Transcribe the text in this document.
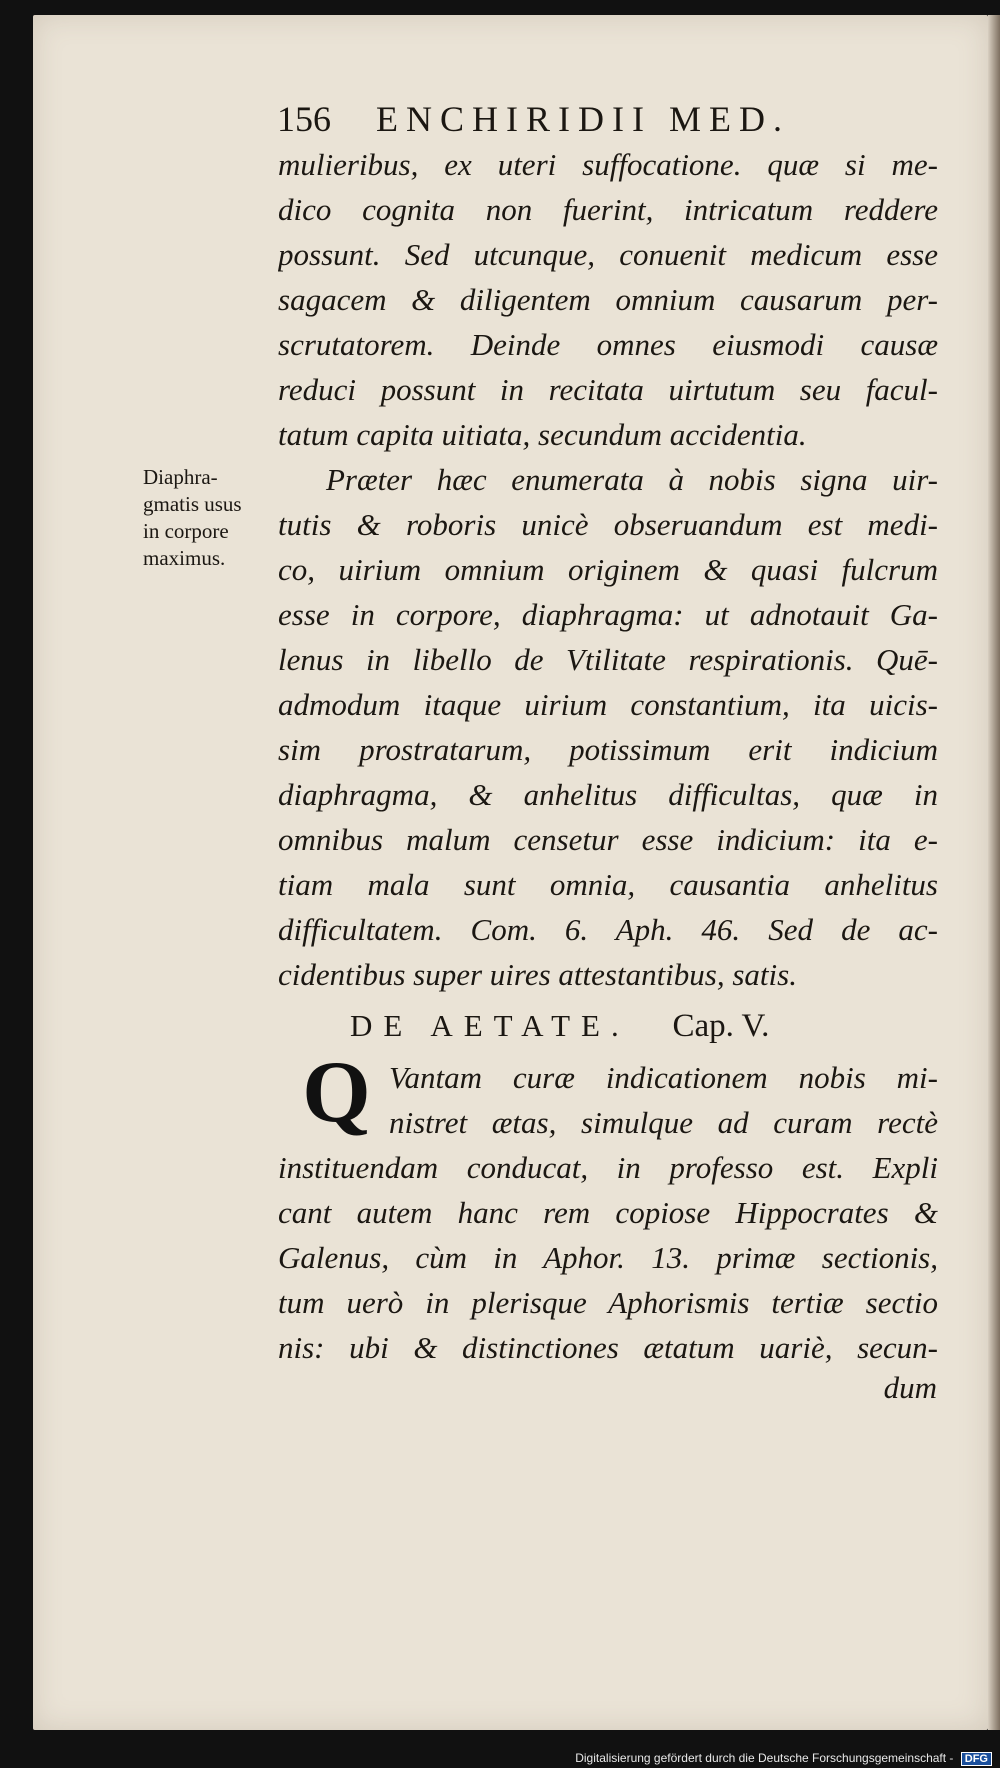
156 ENCHIRIDII MED.
Diaphra-
gmatis usus
in corpore
maximus.
mulieribus, ex uteri suffocatione. quæ si me-
dico cognita non fuerint, intricatum reddere
possunt. Sed utcunque, conuenit medicum esse
sagacem & diligentem omnium causarum per-
scrutatorem. Deinde omnes eiusmodi causæ
reduci possunt in recitata uirtutum seu facul-
tatum capita uitiata, secundum accidentia.
Præter hæc enumerata à nobis signa uir-
tutis & roboris unicè obseruandum est medi-
co, uirium omnium originem & quasi fulcrum
esse in corpore, diaphragma: ut adnotauit Ga-
lenus in libello de Vtilitate respirationis. Quē-
admodum itaque uirium constantium, ita uicis-
sim prostratarum, potissimum erit indicium
diaphragma, & anhelitus difficultas, quæ in
omnibus malum censetur esse indicium: ita e-
tiam mala sunt omnia, causantia anhelitus
difficultatem. Com. 6. Aph. 46. Sed de ac-
cidentibus super uires attestantibus, satis.
DE AETATE. Cap. V.
Q Vantam curæ indicationem nobis mi-
nistret ætas, simulque ad curam rectè
instituendam conducat, in professo est. Expli
cant autem hanc rem copiose Hippocrates &
Galenus, cùm in Aphor. 13. primæ sectionis,
tum uerò in plerisque Aphorismis tertiæ sectio
nis: ubi & distinctiones ætatum uariè, secun-
dum
Digitalisierung gefördert durch die Deutsche Forschungsgemeinschaft - DFG
